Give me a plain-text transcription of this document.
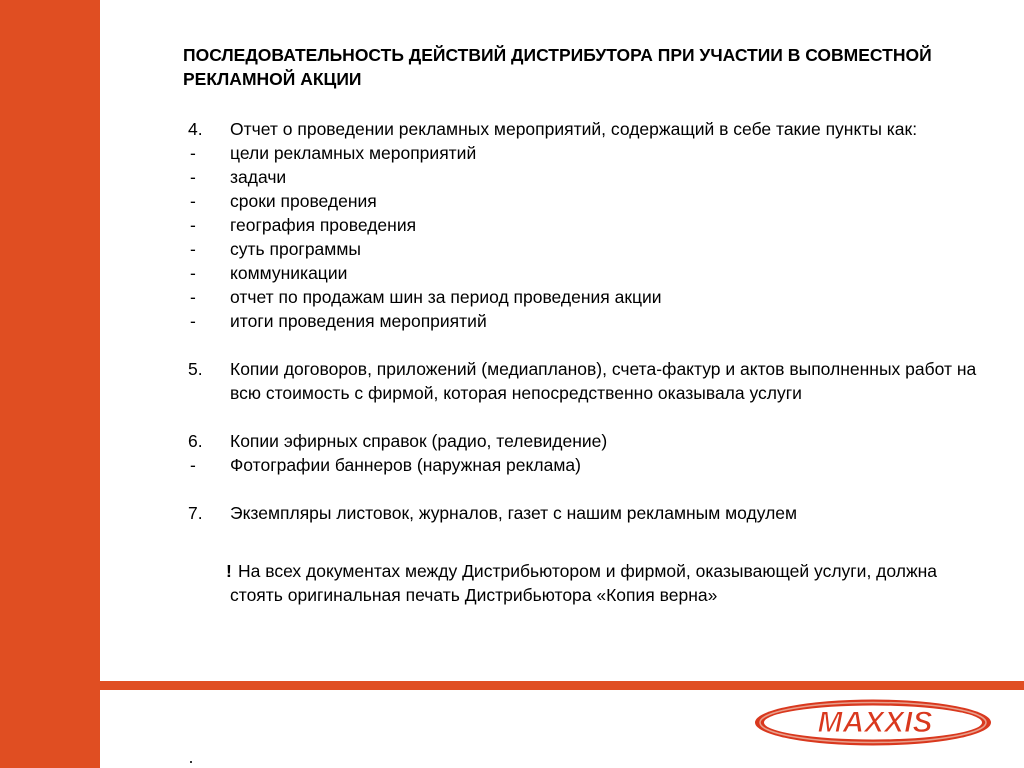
ПОСЛЕДОВАТЕЛЬНОСТЬ ДЕЙСТВИЙ ДИСТРИБУТОРА ПРИ УЧАСТИИ В СОВМЕСТНОЙ РЕКЛАМНОЙ АКЦИИ
4. Отчет о проведении рекламных мероприятий, содержащий в себе такие пункты как:
- цели рекламных мероприятий
- задачи
- сроки проведения
- география проведения
- суть программы
- коммуникации
- отчет по продажам шин за период проведения акции
- итоги проведения мероприятий
5. Копии договоров, приложений (медиапланов), счета-фактур и актов выполненных работ на всю стоимость с фирмой, которая непосредственно оказывала услуги
6. Копии эфирных справок (радио, телевидение)
- Фотографии баннеров (наружная реклама)
7. Экземпляры листовок, журналов, газет с нашим рекламным модулем
! На всех документах между Дистрибьютором и фирмой, оказывающей услуги, должна стоять оригинальная печать Дистрибьютора «Копия верна»
MAXXIS	®
